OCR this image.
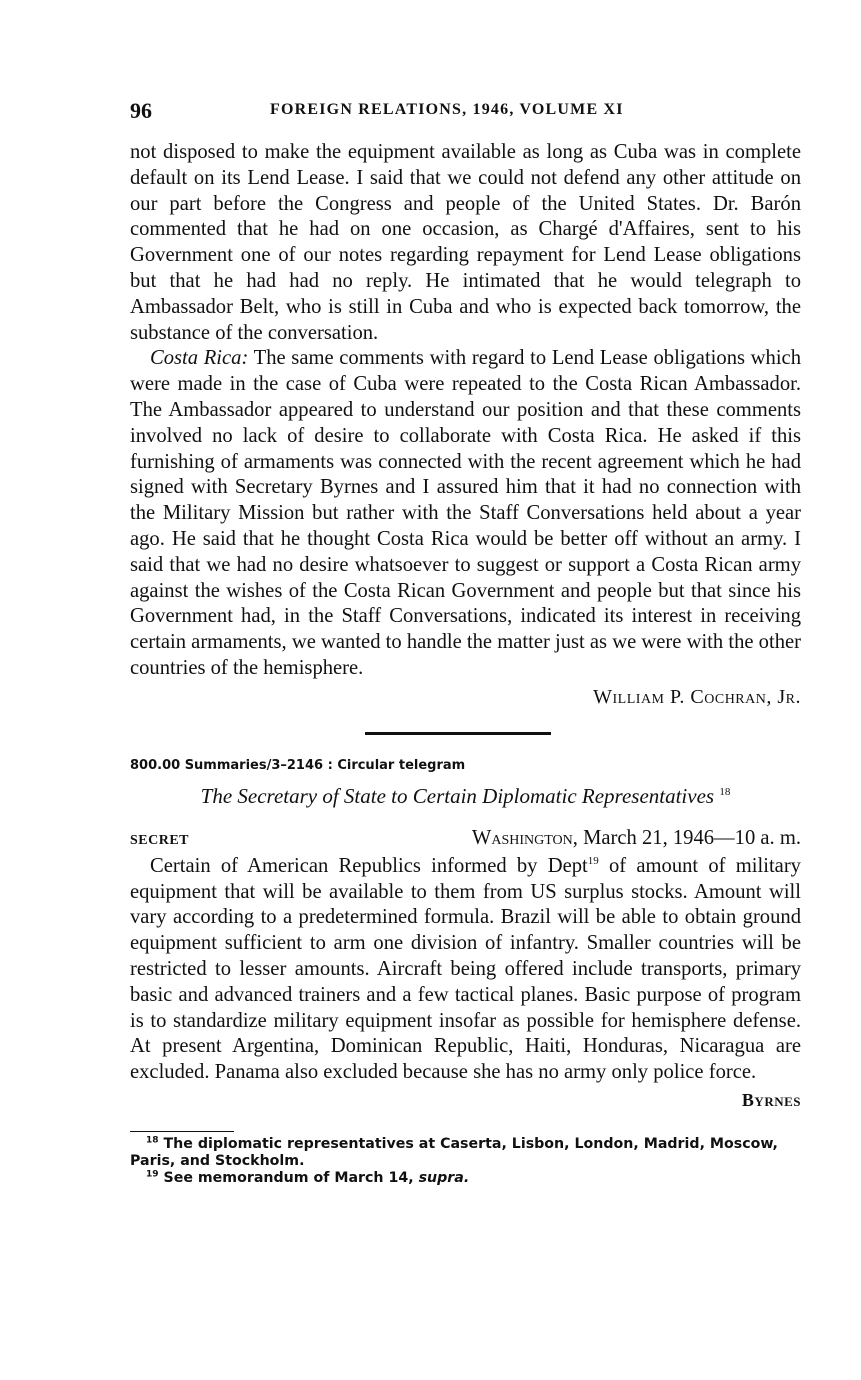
96	FOREIGN RELATIONS, 1946, VOLUME XI

not disposed to make the equipment available as long as Cuba was in complete default on its Lend Lease. I said that we could not defend any other attitude on our part before the Congress and people of the United States. Dr. Barón commented that he had on one occasion, as Chargé d'Affaires, sent to his Government one of our notes regarding repayment for Lend Lease obligations but that he had had no reply. He intimated that he would telegraph to Ambassador Belt, who is still in Cuba and who is expected back tomorrow, the substance of the conversation.

Costa Rica: The same comments with regard to Lend Lease obligations which were made in the case of Cuba were repeated to the Costa Rican Ambassador. The Ambassador appeared to understand our position and that these comments involved no lack of desire to collaborate with Costa Rica. He asked if this furnishing of armaments was connected with the recent agreement which he had signed with Secretary Byrnes and I assured him that it had no connection with the Military Mission but rather with the Staff Conversations held about a year ago. He said that he thought Costa Rica would be better off without an army. I said that we had no desire whatsoever to suggest or support a Costa Rican army against the wishes of the Costa Rican Government and people but that since his Government had, in the Staff Conversations, indicated its interest in receiving certain armaments, we wanted to handle the matter just as we were with the other countries of the hemisphere.

William P. Cochran, Jr.
800.00 Summaries/3–2146 : Circular telegram
The Secretary of State to Certain Diplomatic Representatives $^{18}$
SECRET	Washington, March 21, 1946—10 a. m.

Certain of American Republics informed by Dept$^{19}$ of amount of military equipment that will be available to them from US surplus stocks. Amount will vary according to a predetermined formula. Brazil will be able to obtain ground equipment sufficient to arm one division of infantry. Smaller countries will be restricted to lesser amounts. Aircraft being offered include transports, primary basic and advanced trainers and a few tactical planes. Basic purpose of program is to standardize military equipment insofar as possible for hemisphere defense. At present Argentina, Dominican Republic, Haiti, Honduras, Nicaragua are excluded. Panama also excluded because she has no army only police force.

Byrnes

$^{18}$ The diplomatic representatives at Caserta, Lisbon, London, Madrid, Moscow, Paris, and Stockholm.

$^{19}$ See memorandum of March 14, supra.
